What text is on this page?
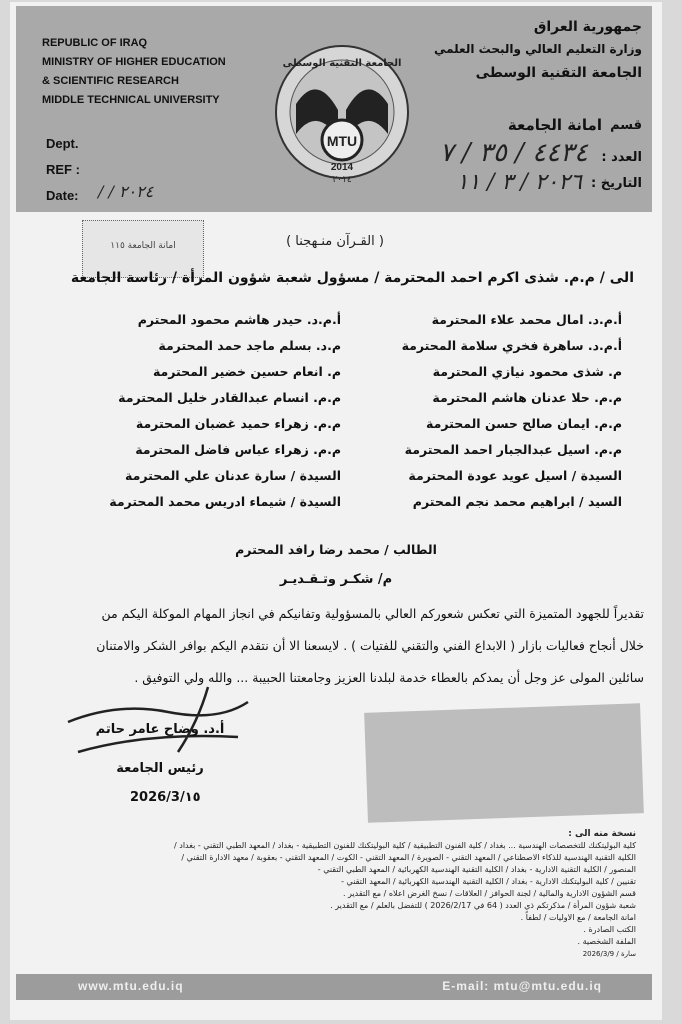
REPUBLIC OF IRAQ
MINISTRY OF HIGHER EDUCATION
& SCIENTIFIC RESEARCH
MIDDLE TECHNICAL UNIVERSITY
Dept.
REF :
Date: / / ٢٠٢٤
MTU
الجامعة التقنية الوسطى
2014
٢٠١٤
جمهورية العراق
وزارة التعليم العالي والبحث العلمي
الجامعة التقنية الوسطى
قسم
امانة الجامعة
العدد :
٤٤٣٤ / ٣٥ / ٧
التاريخ :
٢٠٢٦ / ٣ / ١١
امانة الجامعة ١١٥	( القـرآن منـهجنا )
الى / م.م. شذى اكرم احمد المحترمة / مسؤول شعبة شؤون المرأة / رئاسة الجامعة
أ.م.د. امال محمد علاء المحترمة
أ.م.د. حيدر هاشم محمود المحترم
أ.م.د. ساهرة فخري سلامة المحترمة
م.د. بسلم ماجد حمد المحترمة
م. شذى محمود نيازي المحترمة
م. انعام حسين خضير المحترمة
م.م. حلا عدنان هاشم المحترمة
م.م. انسام عبدالقادر خليل المحترمة
م.م. ايمان صالح حسن المحترمة
م.م. زهراء حميد غضبان المحترمة
م.م. اسيل عبدالجبار احمد المحترمة
م.م. زهراء عباس فاضل المحترمة
السيدة / اسيل عويد عودة المحترمة
السيدة / سارة عدنان علي المحترمة
السيد / ابراهيم محمد نجم المحترم
السيدة / شيماء ادريس محمد المحترمة
الطالب / محمد رضا رافد المحترم
م/ شكـر وتـقـديـر
تقديراً للجهود المتميزة التي تعكس شعوركم العالي بالمسؤولية وتفانيكم في انجاز المهام الموكلة اليكم من
خلال أنجاح فعاليات بازار ( الابداع الفني والتقني للفتيات ) . لايسعنا الا أن نتقدم اليكم بوافر الشكر والامتنان
سائلين المولى عز وجل أن يمدكم بالعطاء خدمة لبلدنا العزيز وجامعتنا الحبيبة ... والله ولي التوفيق .
أ.د. وضاح عامر حاتم
رئيس الجامعة
2026/3/١٥
نسخة منه الى :
كلية البوليتكنك للتخصصات الهندسية ... بغداد / كلية الفنون التطبيقية / كلية البوليتكنك للفنون التطبيقية - بغداد / المعهد الطبي التقني - بغداد /
الكلية التقنية الهندسية للذكاء الاصطناعي / المعهد التقني - الصويرة / المعهد التقني - الكوت / المعهد التقني - بعقوبة / معهد الادارة التقني /
المنصور / الكلية التقنية الادارية - بغداد / الكلية التقنية الهندسية الكهربائية / المعهد الطبي التقني -
تقنيين / كلية البوليتكنك الادارية - بغداد / الكلية التقنية الهندسية الكهربائية / المعهد التقني -
قسم الشؤون الادارية والمالية / لجنة الحوافز / العلاقات / نسخ الغرض اعلاه / مع التقدير .
شعبة شؤون المرأة / مذكرتكم ذي العدد ( 64 في 2026/2/17 ) للتفضل بالعلم / مع التقدير .
امانة الجامعة / مع الاوليات / لطفاً .
الكتب الصادرة .
الملفة الشخصية .
سارة / 2026/3/9
www.mtu.edu.iq	E-mail: mtu@mtu.edu.iq
